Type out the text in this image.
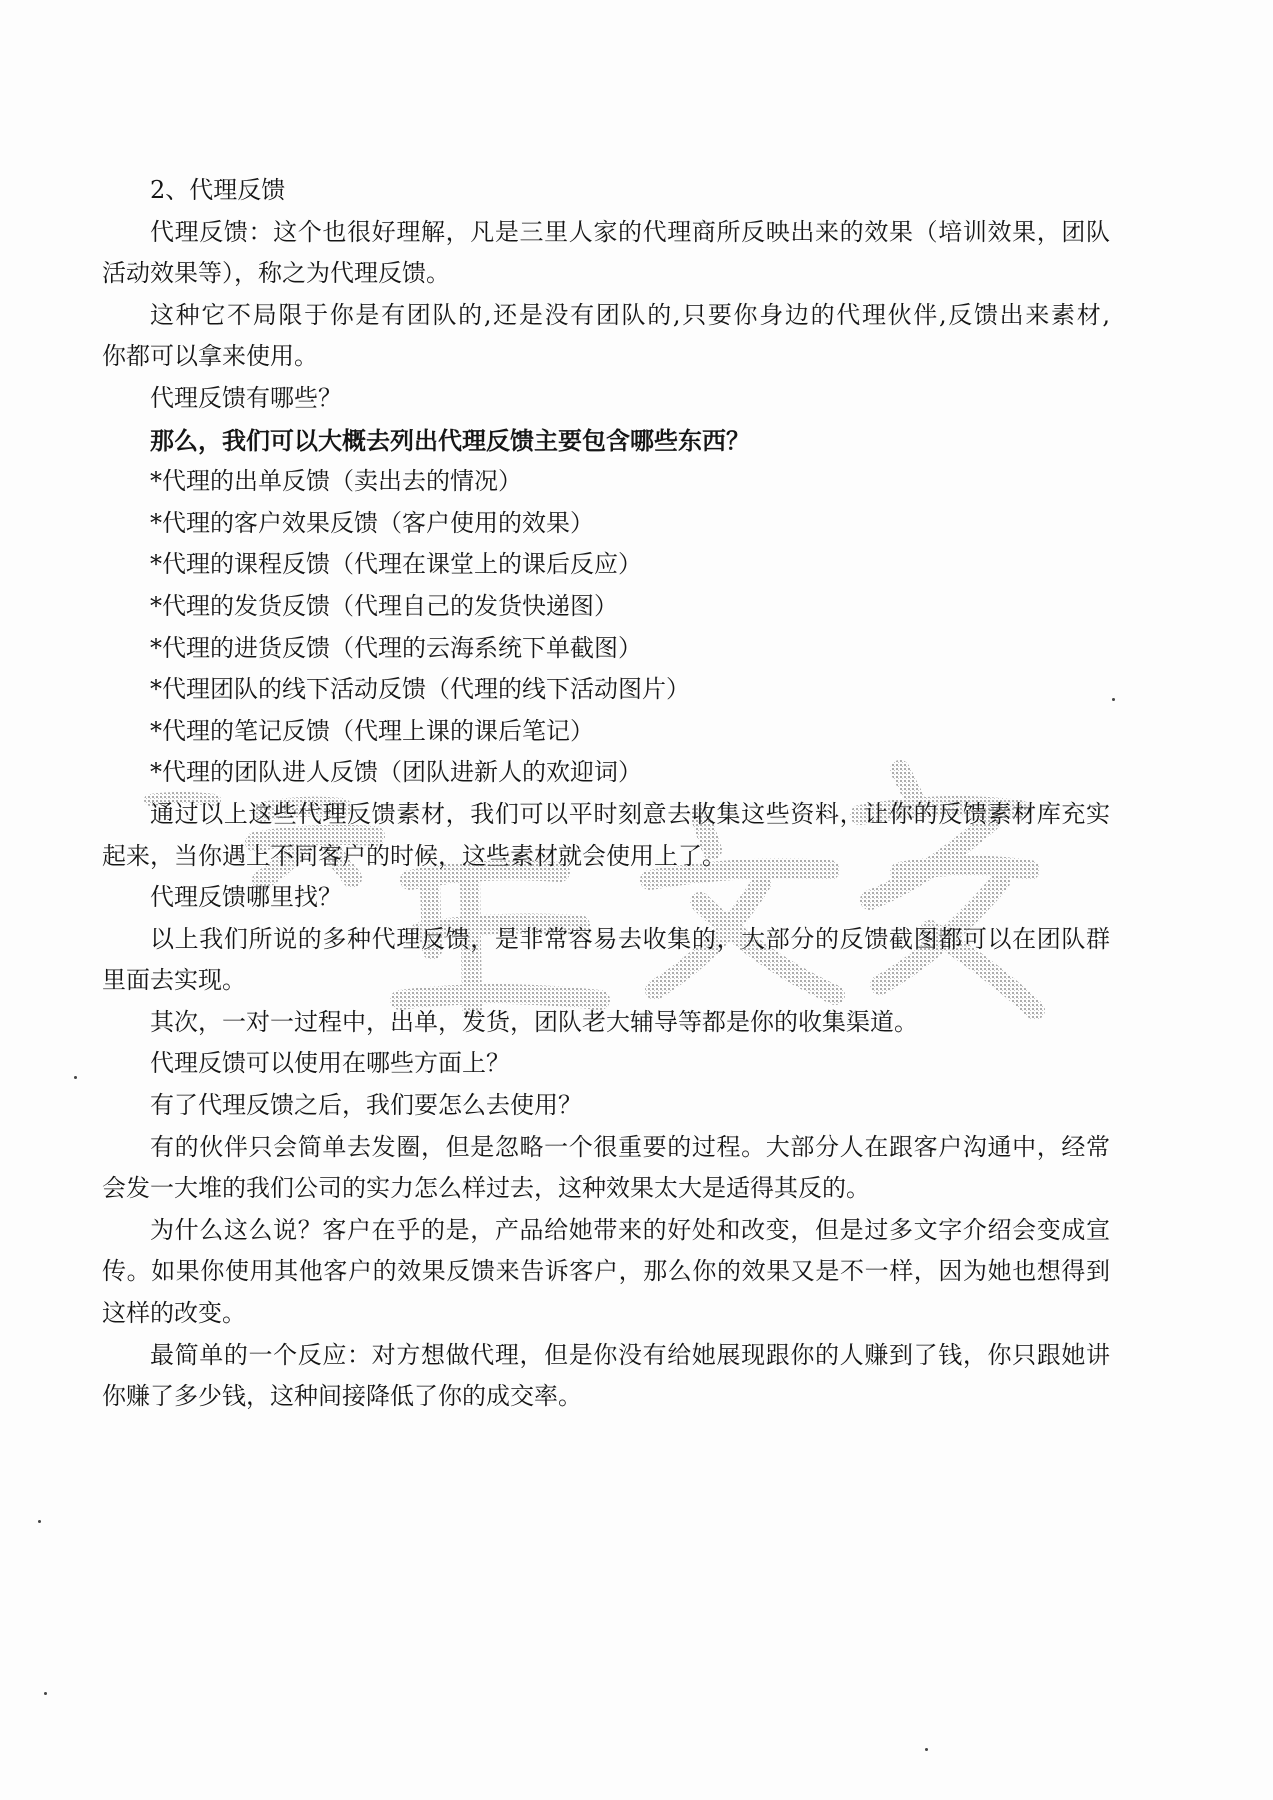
2、代理反馈
代理反馈：这个也很好理解，凡是三里人家的代理商所反映出来的效果（培训效果，团队
活动效果等），称之为代理反馈。
这种它不局限于你是有团队的,还是没有团队的,只要你身边的代理伙伴,反馈出来素材,
你都可以拿来使用。
代理反馈有哪些？
那么，我们可以大概去列出代理反馈主要包含哪些东西？
*代理的出单反馈（卖出去的情况）
*代理的客户效果反馈（客户使用的效果）
*代理的课程反馈（代理在课堂上的课后反应）
*代理的发货反馈（代理自己的发货快递图）
*代理的进货反馈（代理的云海系统下单截图）
*代理团队的线下活动反馈（代理的线下活动图片）
*代理的笔记反馈（代理上课的课后笔记）
*代理的团队进人反馈（团队进新人的欢迎词）
通过以上这些代理反馈素材，我们可以平时刻意去收集这些资料，让你的反馈素材库充实
起来，当你遇上不同客户的时候，这些素材就会使用上了。
代理反馈哪里找？
以上我们所说的多种代理反馈，是非常容易去收集的，大部分的反馈截图都可以在团队群
里面去实现。
其次，一对一过程中，出单，发货，团队老大辅导等都是你的收集渠道。
代理反馈可以使用在哪些方面上？
有了代理反馈之后，我们要怎么去使用？
有的伙伴只会简单去发圈，但是忽略一个很重要的过程。大部分人在跟客户沟通中，经常
会发一大堆的我们公司的实力怎么样过去，这种效果太大是适得其反的。
为什么这么说？客户在乎的是，产品给她带来的好处和改变，但是过多文字介绍会变成宣
传。如果你使用其他客户的效果反馈来告诉客户，那么你的效果又是不一样，因为她也想得到
这样的改变。
最简单的一个反应：对方想做代理，但是你没有给她展现跟你的人赚到了钱，你只跟她讲
你赚了多少钱，这种间接降低了你的成交率。
